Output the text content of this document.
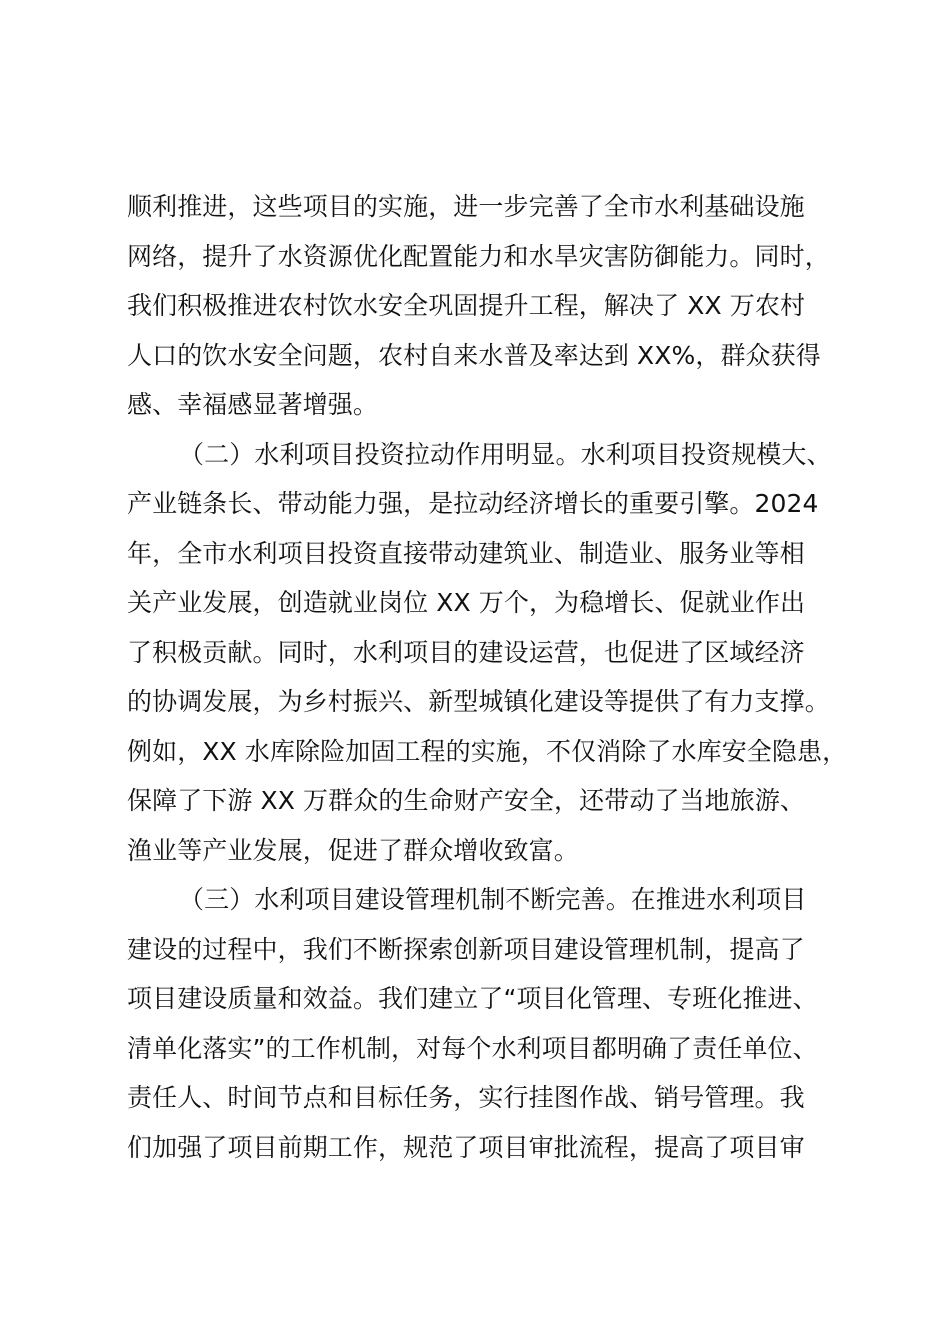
顺利推进，这些项目的实施，进一步完善了全市水利基础设施
网络，提升了水资源优化配置能力和水旱灾害防御能力。同时，
我们积极推进农村饮水安全巩固提升工程，解决了 XX 万农村
人口的饮水安全问题，农村自来水普及率达到 XX%，群众获得
感、幸福感显著增强。
（二）水利项目投资拉动作用明显。水利项目投资规模大、
产业链条长、带动能力强，是拉动经济增长的重要引擎。2024
年，全市水利项目投资直接带动建筑业、制造业、服务业等相
关产业发展，创造就业岗位 XX 万个，为稳增长、促就业作出
了积极贡献。同时，水利项目的建设运营，也促进了区域经济
的协调发展，为乡村振兴、新型城镇化建设等提供了有力支撑。
例如，XX 水库除险加固工程的实施，不仅消除了水库安全隐患，
保障了下游 XX 万群众的生命财产安全，还带动了当地旅游、
渔业等产业发展，促进了群众增收致富。
（三）水利项目建设管理机制不断完善。在推进水利项目
建设的过程中，我们不断探索创新项目建设管理机制，提高了
项目建设质量和效益。我们建立了“项目化管理、专班化推进、
清单化落实”的工作机制，对每个水利项目都明确了责任单位、
责任人、时间节点和目标任务，实行挂图作战、销号管理。我
们加强了项目前期工作，规范了项目审批流程，提高了项目审
